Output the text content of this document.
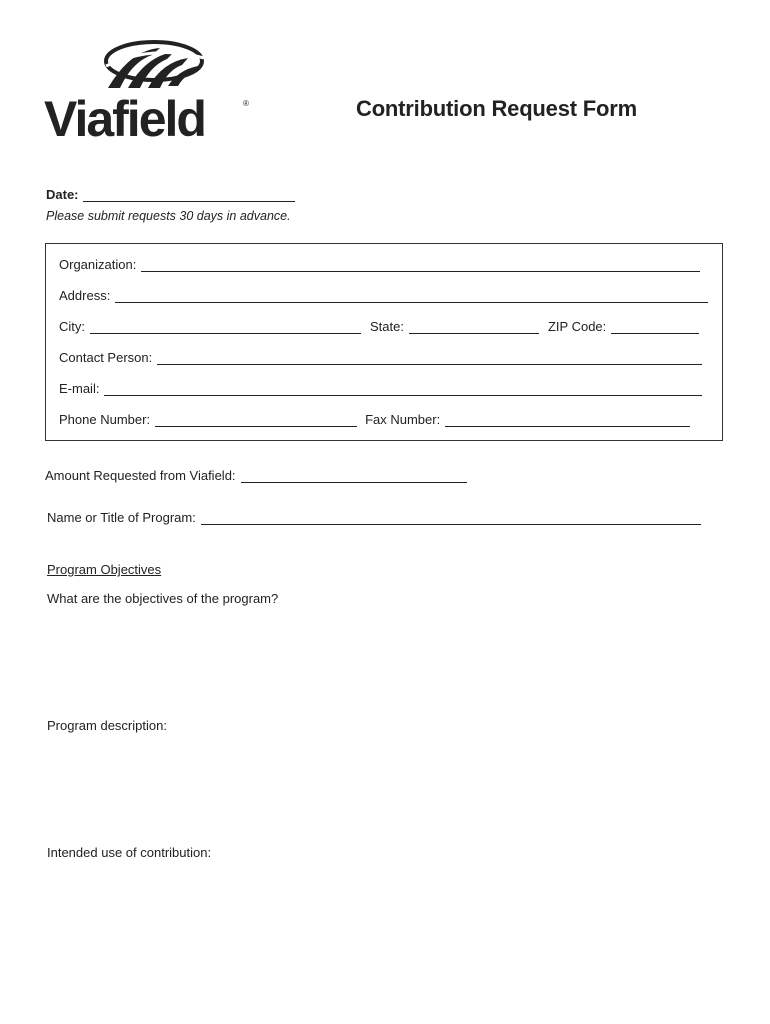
Viafield	®	Contribution Request Form
Date:
Please submit requests 30 days in advance.
Organization:
Address:
City:	State:	ZIP Code:
Contact Person:
E-mail:
Phone Number:	Fax Number:
Amount Requested from Viafield:
Name or Title of Program:
Program Objectives
What are the objectives of the program?
Program description:
Intended use of contribution:
